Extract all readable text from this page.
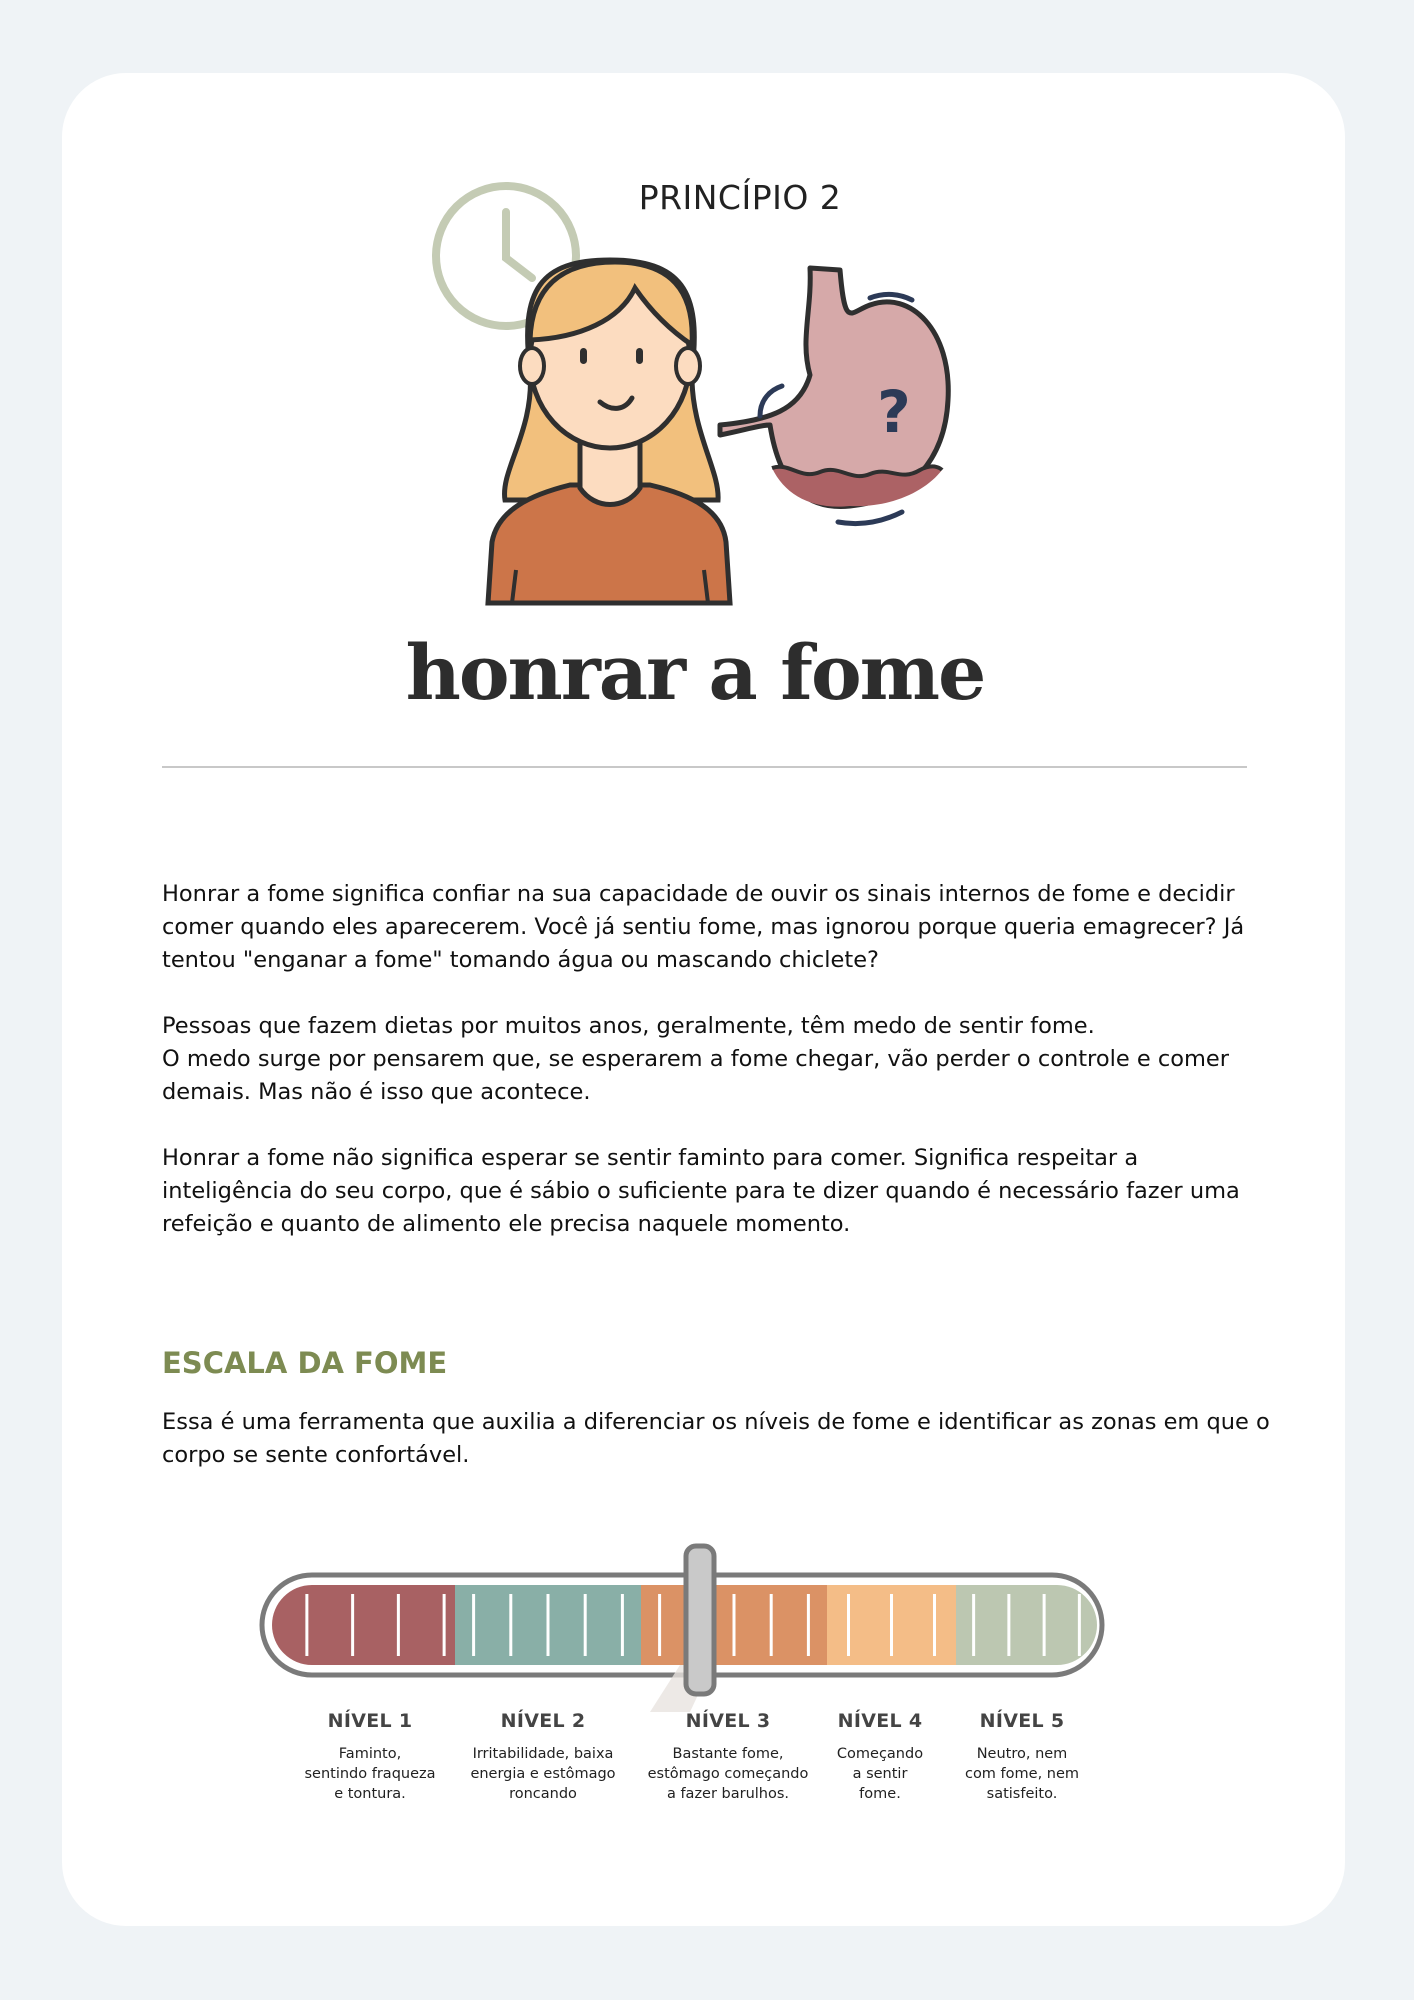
?
PRINCÍPIO 2
honrar a fome

Honrar a fome significa confiar na sua capacidade de ouvir os sinais internos de fome e decidir comer quando eles aparecerem. Você já sentiu fome, mas ignorou porque queria emagrecer? Já tentou "enganar a fome" tomando água ou mascando chiclete?

Pessoas que fazem dietas por muitos anos, geralmente, têm medo de sentir fome.

O medo surge por pensarem que, se esperarem a fome chegar, vão perder o controle e comer demais. Mas não é isso que acontece.

Honrar a fome não significa esperar se sentir faminto para comer. Significa respeitar a inteligência do seu corpo, que é sábio o suficiente para te dizer quando é necessário fazer uma refeição e quanto de alimento ele precisa naquele momento.

ESCALA DA FOME

Essa é uma ferramenta que auxilia a diferenciar os níveis de fome e identificar as zonas em que o corpo se sente confortável.

NÍVEL 1
Faminto,
sentindo fraqueza
e tontura.
NÍVEL 2
Irritabilidade, baixa
energia e estômago
roncando
NÍVEL 3
Bastante fome,
estômago começando
a fazer barulhos.
NÍVEL 4
Começando
a sentir
fome.
NÍVEL 5
Neutro, nem
com fome, nem
satisfeito.
